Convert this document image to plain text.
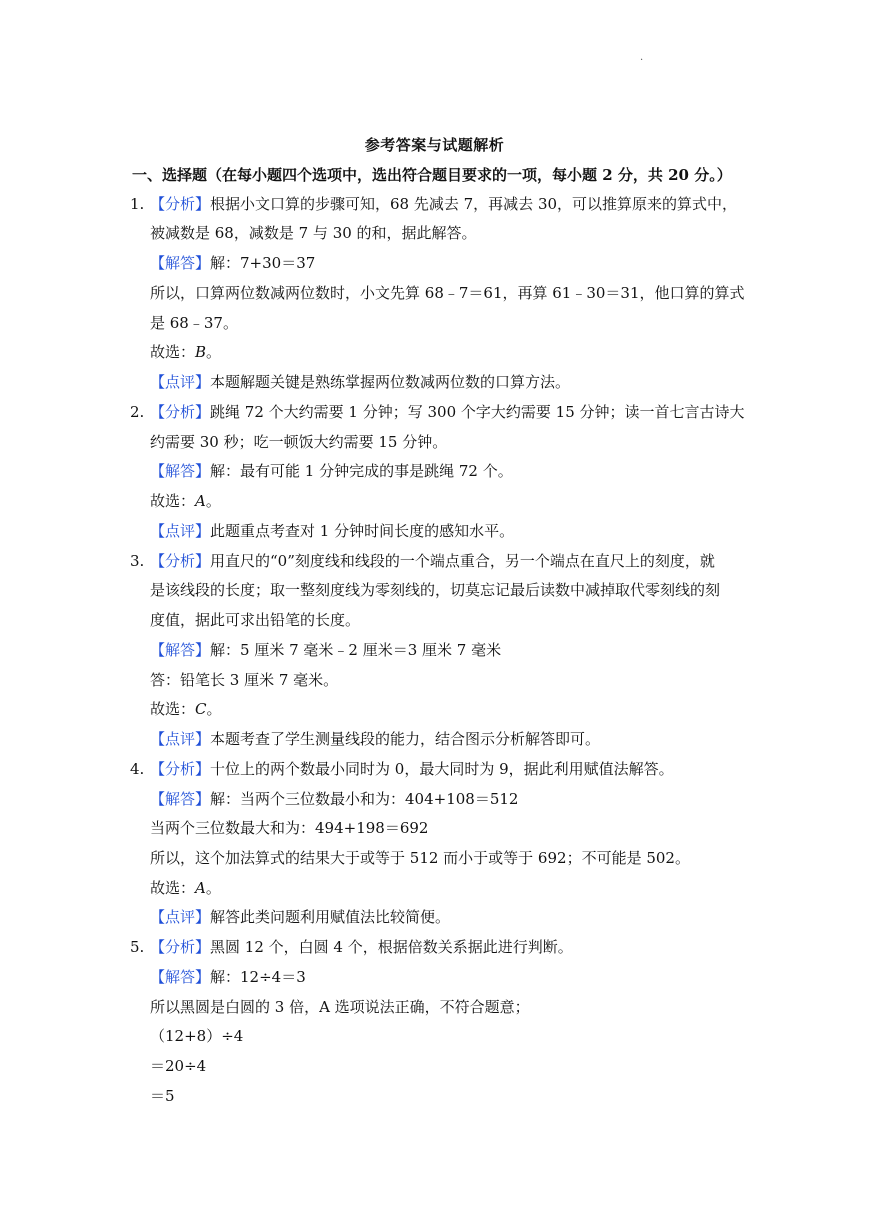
.
参考答案与试题解析
一、选择题（在每小题四个选项中，选出符合题目要求的一项，每小题 2 分，共 20 分。）
1. 【分析】根据小文口算的步骤可知，68 先减去 7，再减去 30，可以推算原来的算式中，
被减数是 68，减数是 7 与 30 的和，据此解答。
【解答】解：7+30＝37
所以，口算两位数减两位数时，小文先算 68﹣7＝61，再算 61﹣30＝31，他口算的算式
是 68﹣37。
故选：B。
【点评】本题解题关键是熟练掌握两位数减两位数的口算方法。
2. 【分析】跳绳 72 个大约需要 1 分钟；写 300 个字大约需要 15 分钟；读一首七言古诗大
约需要 30 秒；吃一顿饭大约需要 15 分钟。
【解答】解：最有可能 1 分钟完成的事是跳绳 72 个。
故选：A。
【点评】此题重点考查对 1 分钟时间长度的感知水平。
3. 【分析】用直尺的“0”刻度线和线段的一个端点重合，另一个端点在直尺上的刻度，就
是该线段的长度；取一整刻度线为零刻线的，切莫忘记最后读数中减掉取代零刻线的刻
度值，据此可求出铅笔的长度。
【解答】解：5 厘米 7 毫米﹣2 厘米＝3 厘米 7 毫米
答：铅笔长 3 厘米 7 毫米。
故选：C。
【点评】本题考查了学生测量线段的能力，结合图示分析解答即可。
4. 【分析】十位上的两个数最小同时为 0，最大同时为 9，据此利用赋值法解答。
【解答】解：当两个三位数最小和为：404+108＝512
当两个三位数最大和为：494+198＝692
所以，这个加法算式的结果大于或等于 512 而小于或等于 692；不可能是 502。
故选：A。
【点评】解答此类问题利用赋值法比较简便。
5. 【分析】黑圆 12 个，白圆 4 个，根据倍数关系据此进行判断。
【解答】解：12÷4＝3
所以黑圆是白圆的 3 倍，A 选项说法正确，不符合题意；
（12+8）÷4
＝20÷4
＝5
